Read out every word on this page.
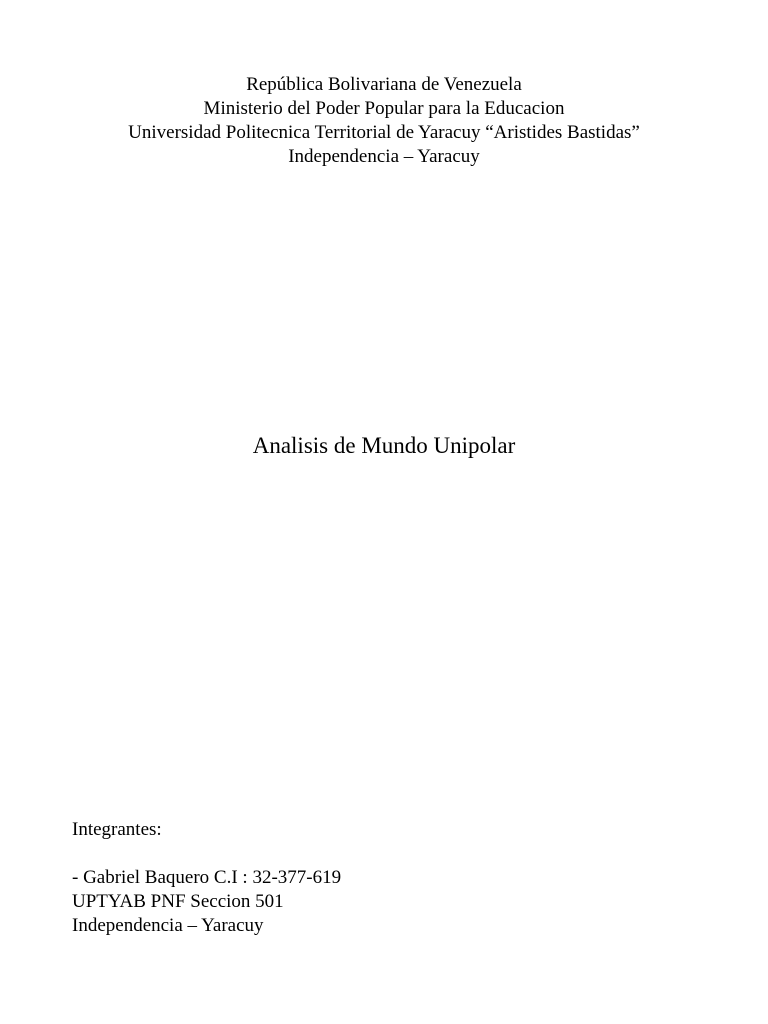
República Bolivariana de Venezuela
Ministerio del Poder Popular para la Educacion
Universidad Politecnica Territorial de Yaracuy “Aristides Bastidas”
Independencia – Yaracuy
Analisis de Mundo Unipolar
Integrantes:
- Gabriel Baquero C.I : 32-377-619
UPTYAB PNF Seccion 501
Independencia – Yaracuy
